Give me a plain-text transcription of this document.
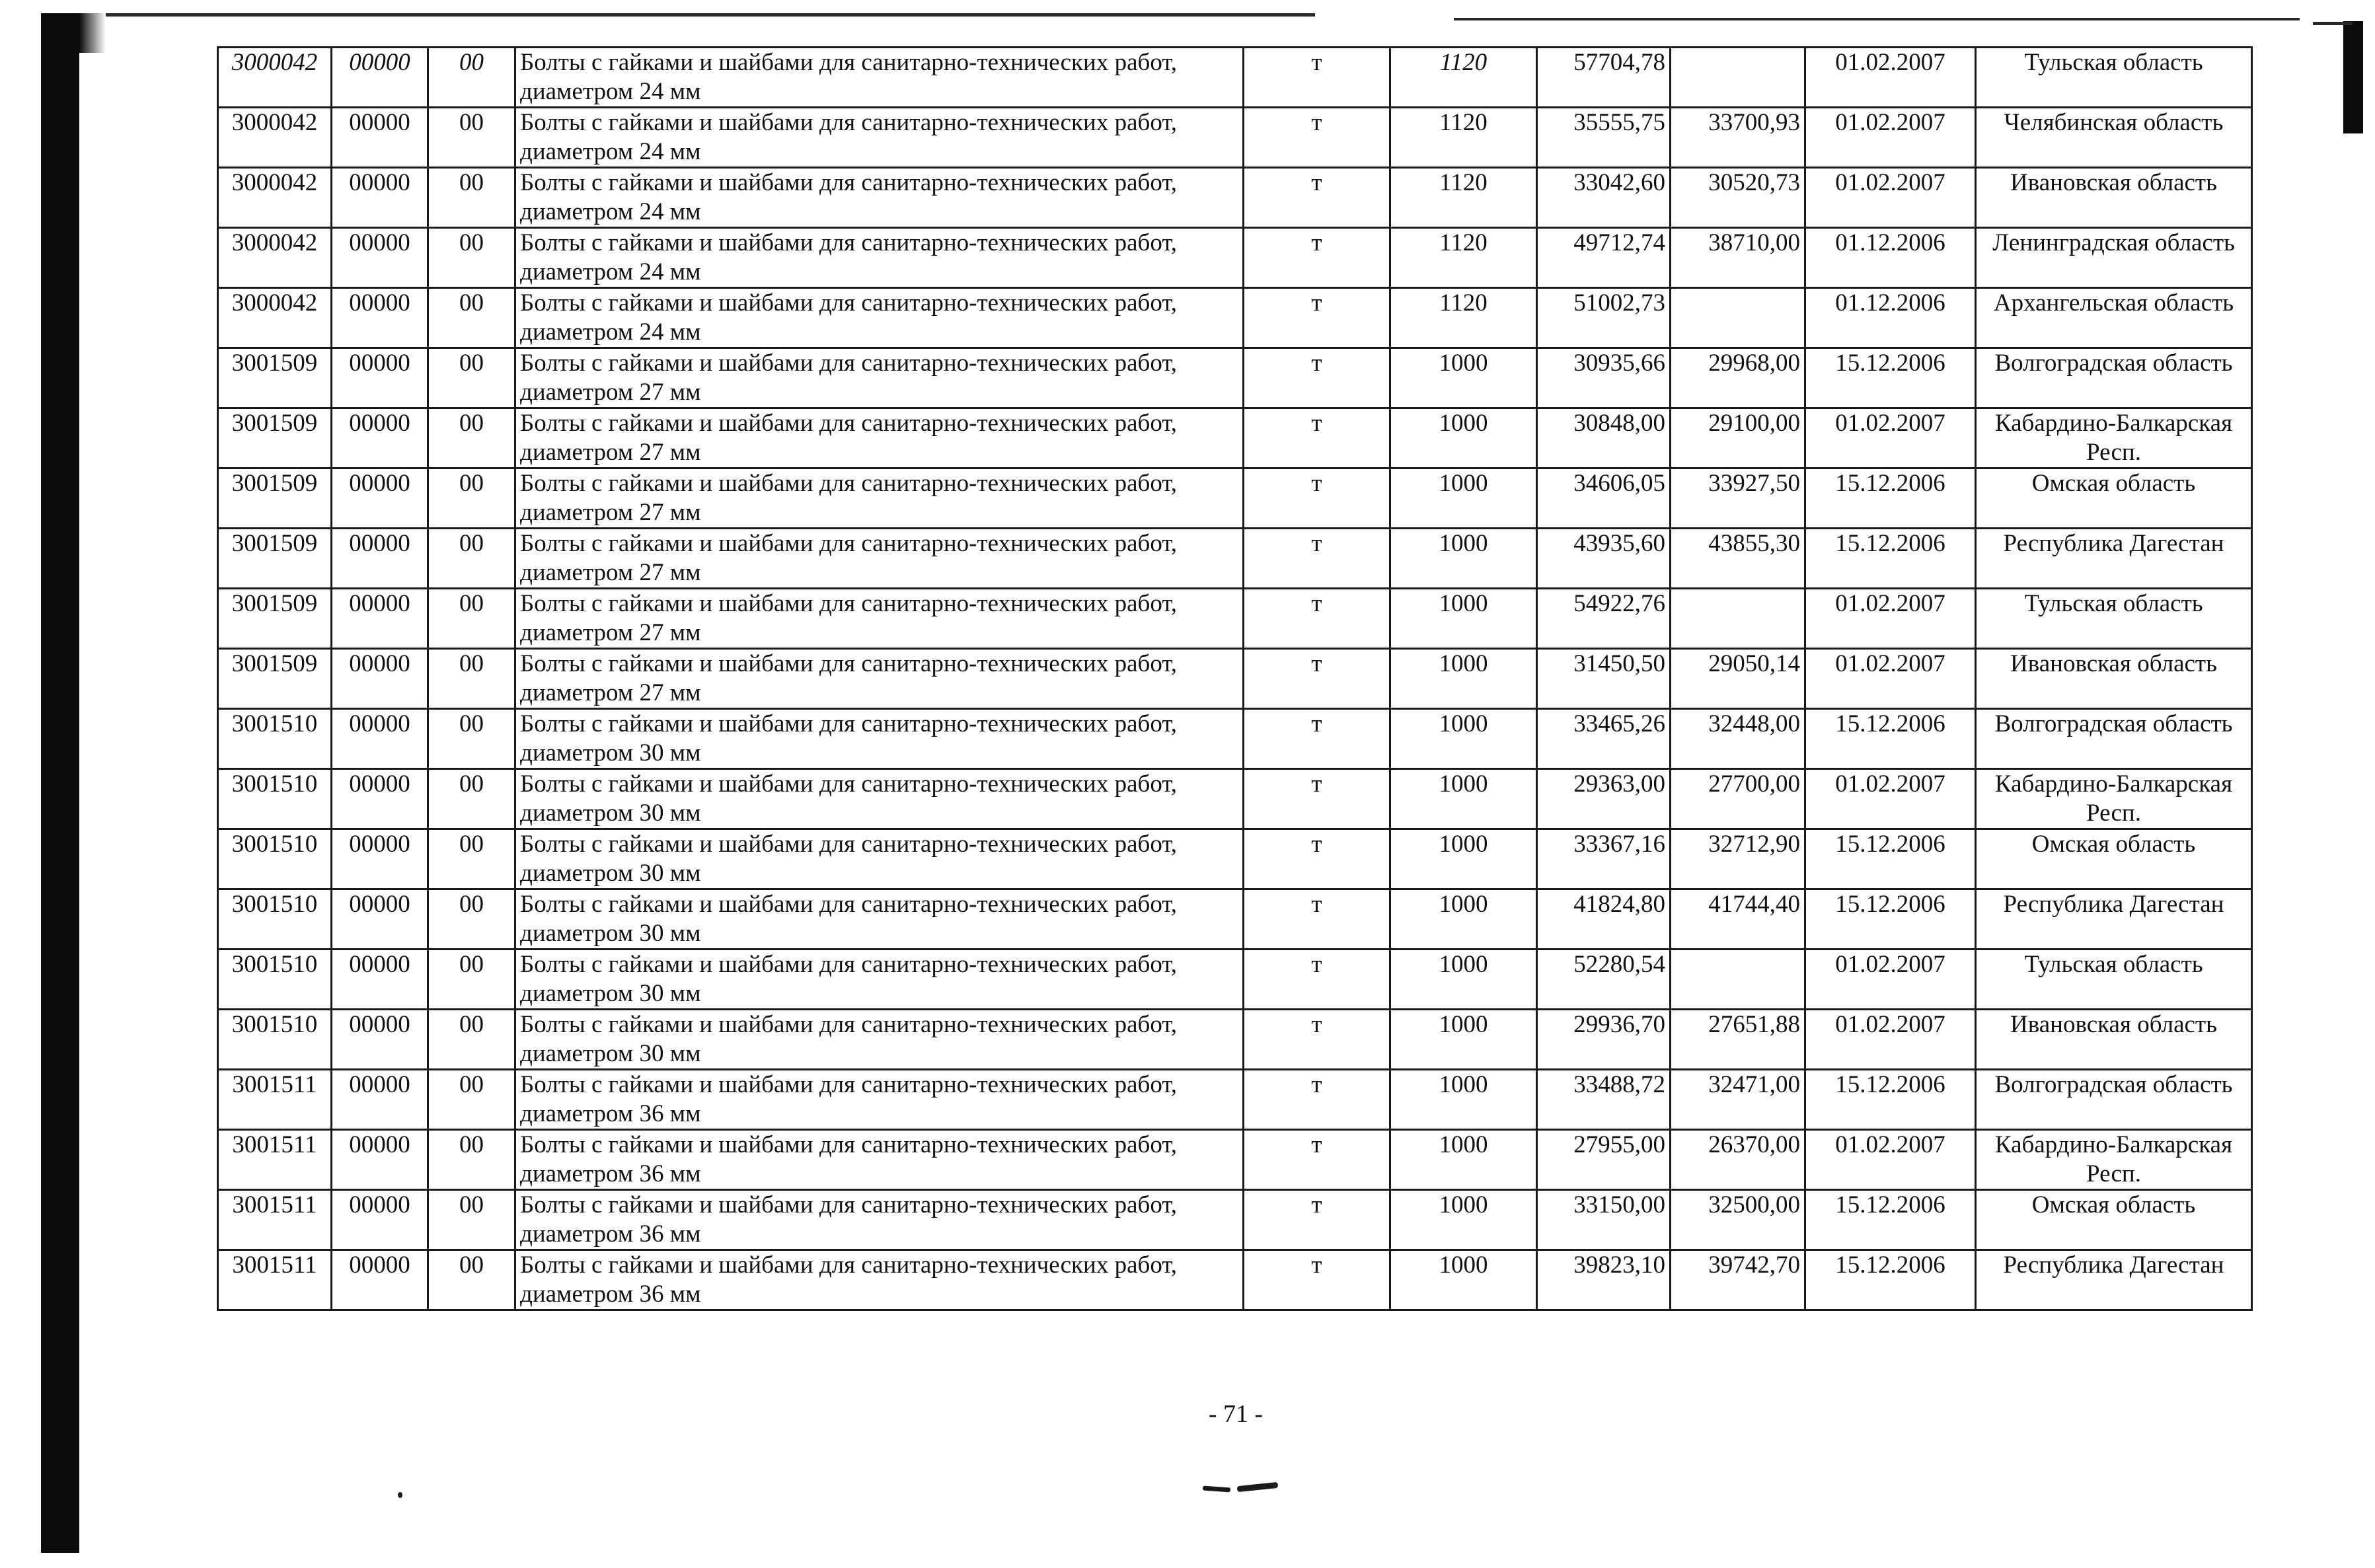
3000042	00000	00	Болты с гайками и шайбами для санитарно-технических работ, диаметром 24 мм	т	1120	57704,78		01.02.2007	Тульская область
3000042	00000	00	Болты с гайками и шайбами для санитарно-технических работ, диаметром 24 мм	т	1120	35555,75	33700,93	01.02.2007	Челябинская область
3000042	00000	00	Болты с гайками и шайбами для санитарно-технических работ, диаметром 24 мм	т	1120	33042,60	30520,73	01.02.2007	Ивановская область
3000042	00000	00	Болты с гайками и шайбами для санитарно-технических работ, диаметром 24 мм	т	1120	49712,74	38710,00	01.12.2006	Ленинградская область
3000042	00000	00	Болты с гайками и шайбами для санитарно-технических работ, диаметром 24 мм	т	1120	51002,73		01.12.2006	Архангельская область
3001509	00000	00	Болты с гайками и шайбами для санитарно-технических работ, диаметром 27 мм	т	1000	30935,66	29968,00	15.12.2006	Волгоградская область
3001509	00000	00	Болты с гайками и шайбами для санитарно-технических работ, диаметром 27 мм	т	1000	30848,00	29100,00	01.02.2007	Кабардино-Балкарская Респ.
3001509	00000	00	Болты с гайками и шайбами для санитарно-технических работ, диаметром 27 мм	т	1000	34606,05	33927,50	15.12.2006	Омская область
3001509	00000	00	Болты с гайками и шайбами для санитарно-технических работ, диаметром 27 мм	т	1000	43935,60	43855,30	15.12.2006	Республика Дагестан
3001509	00000	00	Болты с гайками и шайбами для санитарно-технических работ, диаметром 27 мм	т	1000	54922,76		01.02.2007	Тульская область
3001509	00000	00	Болты с гайками и шайбами для санитарно-технических работ, диаметром 27 мм	т	1000	31450,50	29050,14	01.02.2007	Ивановская область
3001510	00000	00	Болты с гайками и шайбами для санитарно-технических работ, диаметром 30 мм	т	1000	33465,26	32448,00	15.12.2006	Волгоградская область
3001510	00000	00	Болты с гайками и шайбами для санитарно-технических работ, диаметром 30 мм	т	1000	29363,00	27700,00	01.02.2007	Кабардино-Балкарская Респ.
3001510	00000	00	Болты с гайками и шайбами для санитарно-технических работ, диаметром 30 мм	т	1000	33367,16	32712,90	15.12.2006	Омская область
3001510	00000	00	Болты с гайками и шайбами для санитарно-технических работ, диаметром 30 мм	т	1000	41824,80	41744,40	15.12.2006	Республика Дагестан
3001510	00000	00	Болты с гайками и шайбами для санитарно-технических работ, диаметром 30 мм	т	1000	52280,54		01.02.2007	Тульская область
3001510	00000	00	Болты с гайками и шайбами для санитарно-технических работ, диаметром 30 мм	т	1000	29936,70	27651,88	01.02.2007	Ивановская область
3001511	00000	00	Болты с гайками и шайбами для санитарно-технических работ, диаметром 36 мм	т	1000	33488,72	32471,00	15.12.2006	Волгоградская область
3001511	00000	00	Болты с гайками и шайбами для санитарно-технических работ, диаметром 36 мм	т	1000	27955,00	26370,00	01.02.2007	Кабардино-Балкарская Респ.
3001511	00000	00	Болты с гайками и шайбами для санитарно-технических работ, диаметром 36 мм	т	1000	33150,00	32500,00	15.12.2006	Омская область
3001511	00000	00	Болты с гайками и шайбами для санитарно-технических работ, диаметром 36 мм	т	1000	39823,10	39742,70	15.12.2006	Республика Дагестан
- 71 -
